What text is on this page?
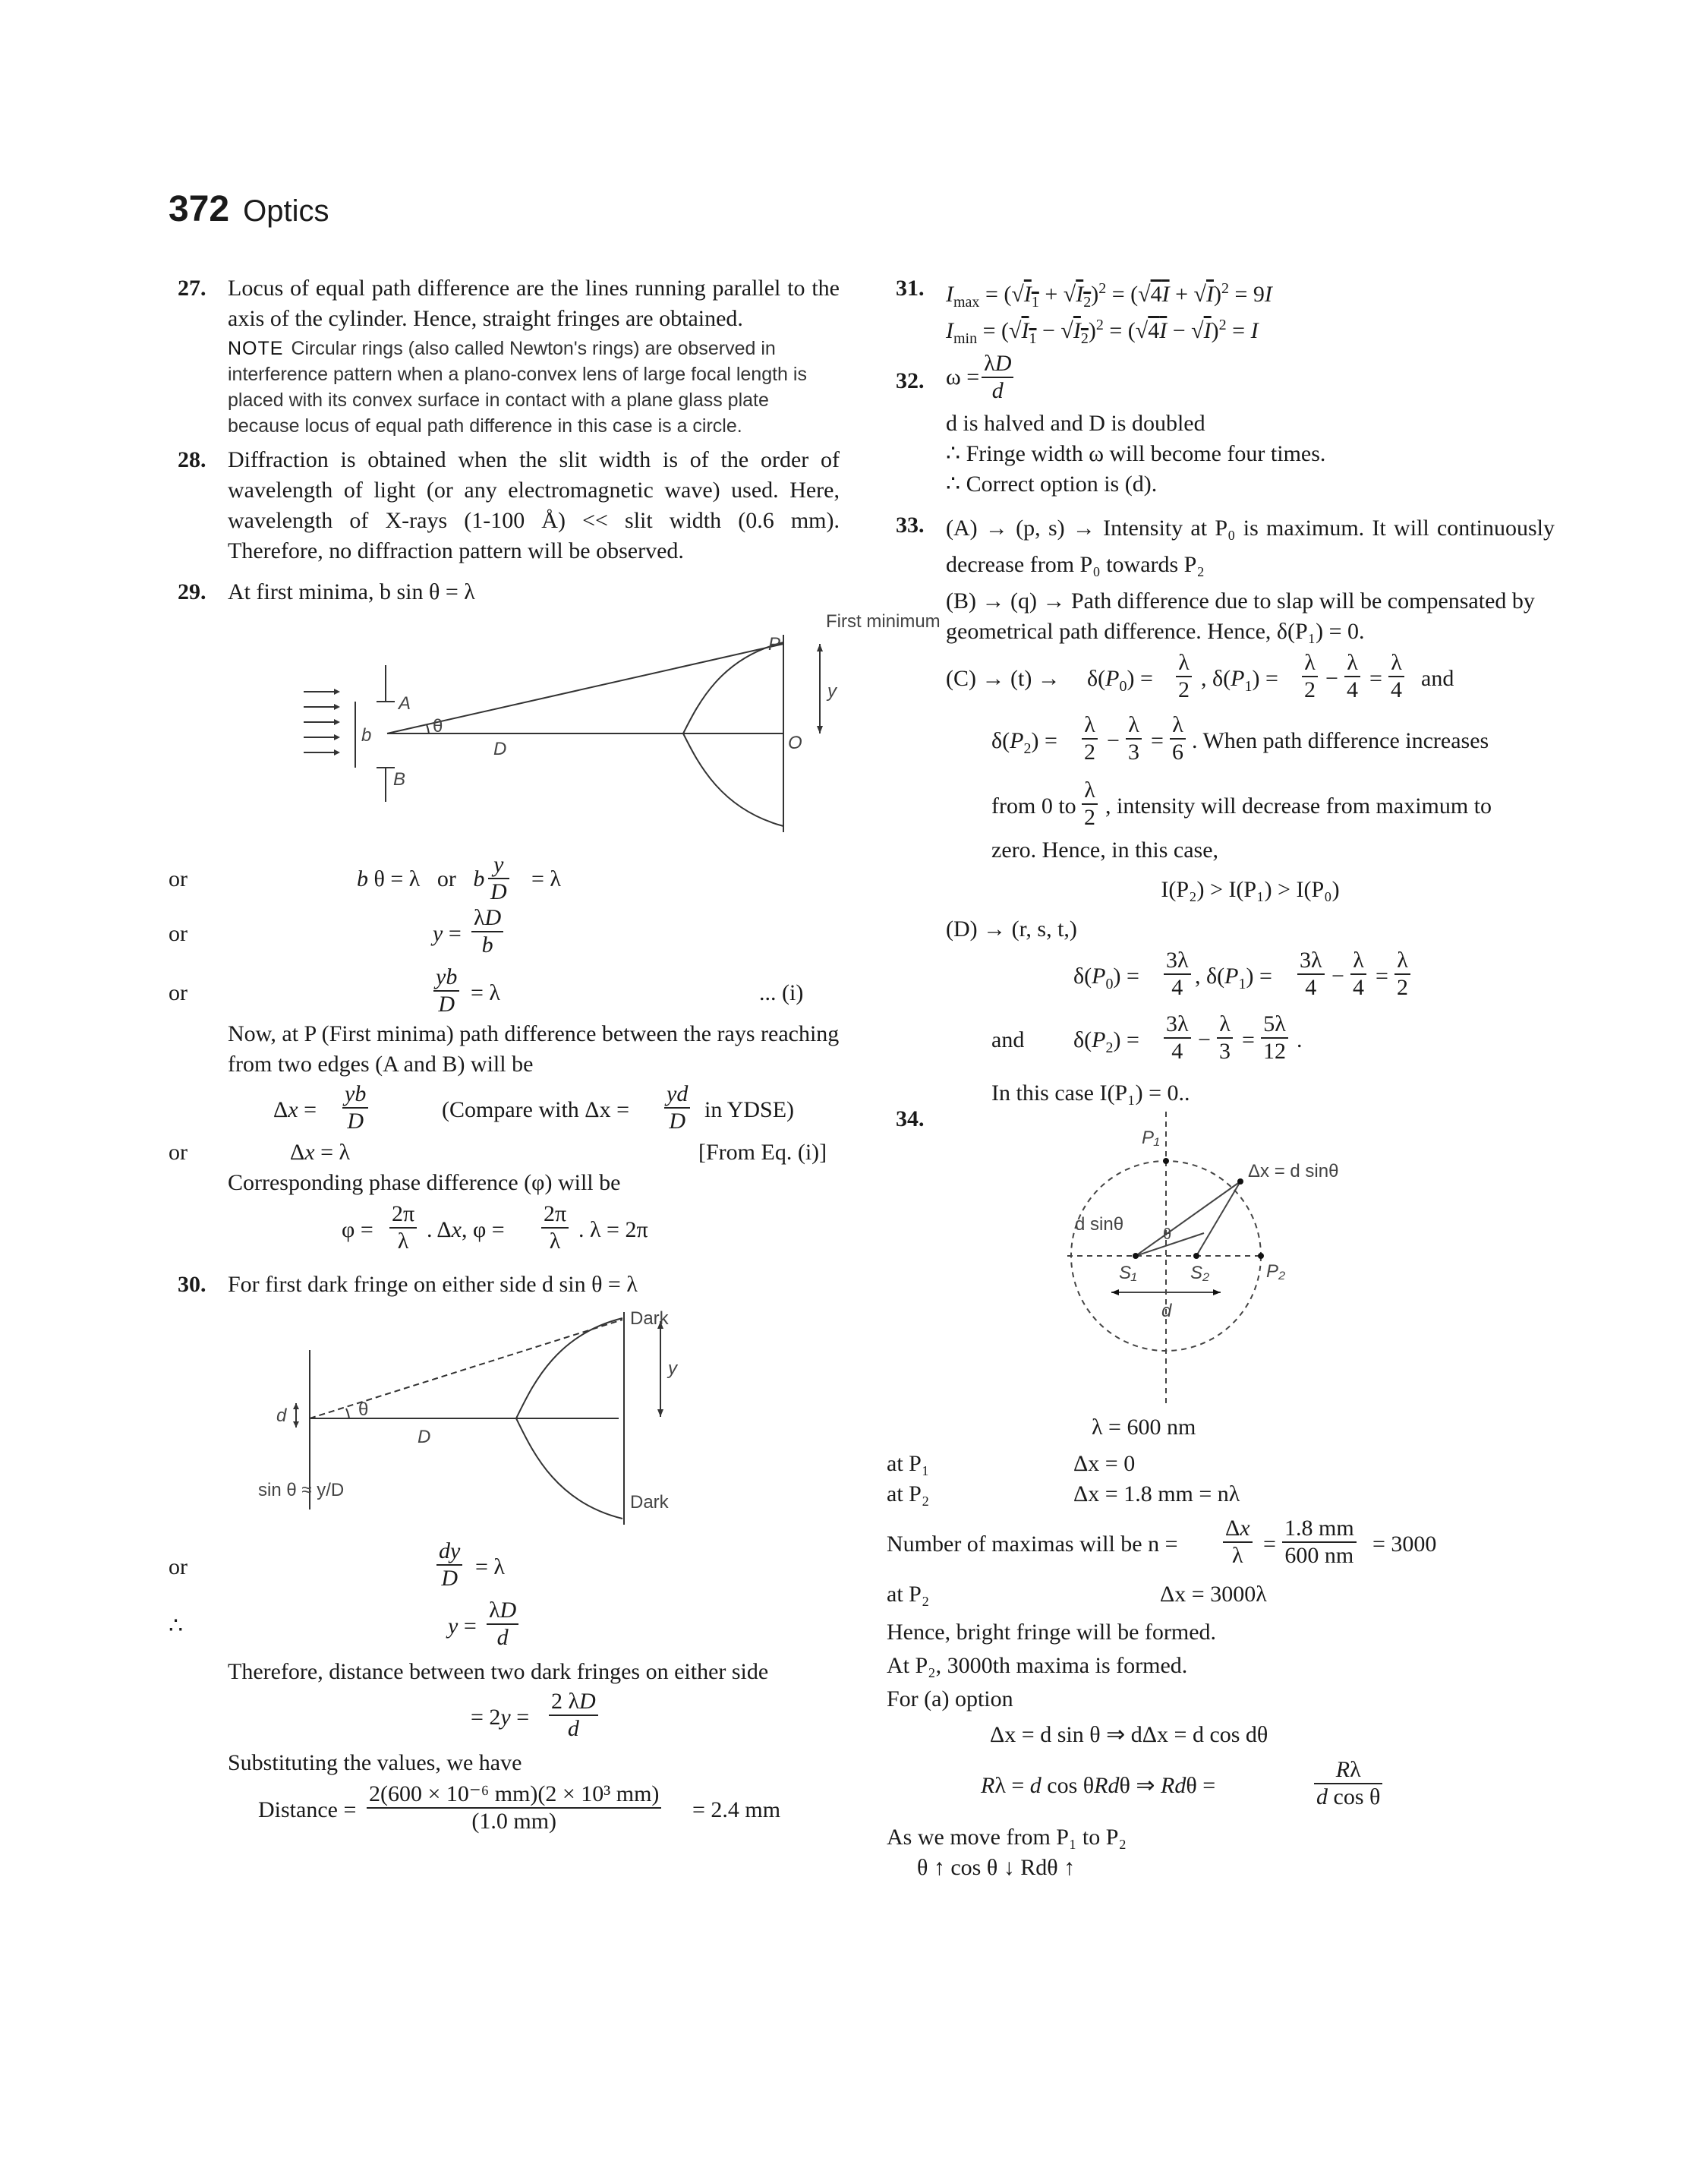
372 Optics
27. Locus of equal path difference are the lines running parallel to the axis of the cylinder. Hence, straight fringes are obtained.
NOTE Circular rings (also called Newton's rings) are observed in interference pattern when a plano-convex lens of large focal length is placed with its convex surface in contact with a plane glass plate because locus of equal path difference in this case is a circle.
28. Diffraction is obtained when the slit width is of the order of wavelength of light (or any electromagnetic wave) used. Here, wavelength of X-rays (1-100 Å) << slit width (0.6 mm). Therefore, no diffraction pattern will be observed.
29. At first minima, b sin θ = λ
First minimum
P
y
A
θ
b
D	O
B
or	b θ = λ   or   b $\frac{y}{D} = \lambda$
or	$y = \frac{\lambda D}{b}$
or	$\frac{yb}{D} = \lambda$	... (i)
Now, at P (First minima) path difference between the rays reaching from two edges (A and B) will be
$\Delta x = \frac{yb}{D}$	(Compare with $\Delta x = \frac{yd}{D}$ in YDSE)
or	Δx = λ	[From Eq. (i)]
Corresponding phase difference (φ) will be
$\varphi = \frac{2\pi}{\lambda}$ . Δx, $\varphi = \frac{2\pi}{\lambda}$ . λ = 2π
30. For first dark fringe on either side d sin θ = λ
Dark
y
d	θ
D
sin θ ≈ y/D
Dark
or	$\frac{dy}{D} = \lambda$
∴	$y = \frac{\lambda D}{d}$
Therefore, distance between two dark fringes on either side
= $2y = \frac{2 \lambda D}{d}$
Substituting the values, we have
Distance = $\frac{\text{2(600 × 10⁻⁶ mm)(2 × 10³ mm)}}{(1.0 mm)} = 2.4$ mm
31. $I_{max} = (√I_1 + √I_2)^2 = (√4I + √I)^2 = 9I$
$I_{min} = (√I_1 - √I_2)^2 = (√4I - √I)^2 = I$
32. $\omega = \frac{\lambda D}{d}$
d is halved and D is doubled
∴ Fringe width ω will become four times.
∴ Correct option is (d).
33. (A) → (p, s) → Intensity at P₀ is maximum. It will continuously decrease from P₀ towards P₂
(B) → (q) → Path difference due to slap will be compensated by geometrical path difference. Hence, δ(P₁) = 0.
$(C) \to (t) \to \delta(P_0) = \frac{\lambda}{2}$ , $\delta(P_1) = \frac{\lambda}{2} - \frac{\lambda}{4} = \frac{\lambda}{4}$ and
$\delta(P_2) = \frac{\lambda}{2} - \frac{\lambda}{3} = \frac{\lambda}{6}$ . When path difference increases
from 0 to $\frac{\lambda}{2}$ , intensity will decrease from maximum to
zero. Hence, in this case,
I(P₂) > I(P₁) > I(P₀)
(D) → (r, s, t,)
$\delta(P_0) = \frac{3\lambda}{4}$ , $\delta(P_1) = \frac{3\lambda}{4} - \frac{\lambda}{4} = \frac{\lambda}{2}$
and $\delta(P_2) = \frac{3\lambda}{4} - \frac{\lambda}{3} = \frac{5\lambda}{12}$ .
In this case I(P₁) = 0..
34.
P₁
Δx = d sinθ
d sinθ	θ
S₁	S₂	P₂
d
λ = 600 nm
at P₁	Δx = 0
at P₂	Δx = 1.8 mm = nλ
Number of maximas will be $n = \frac{\Delta x}{\lambda} = \frac{1.8 mm}{600 nm} = 3000$
at P₂	Δx = 3000λ
Hence, bright fringe will be formed.
At P₂, 3000th maxima is formed.
For (a) option
Δx = d sin θ ⇒ dΔx = d cos dθ
Rλ = d cos θRdθ ⇒ Rdθ =	$\frac{R\lambda}{\text{d cos θ}}$
As we move from P₁ to P₂
θ ↑ cos θ ↓ Rdθ ↑
